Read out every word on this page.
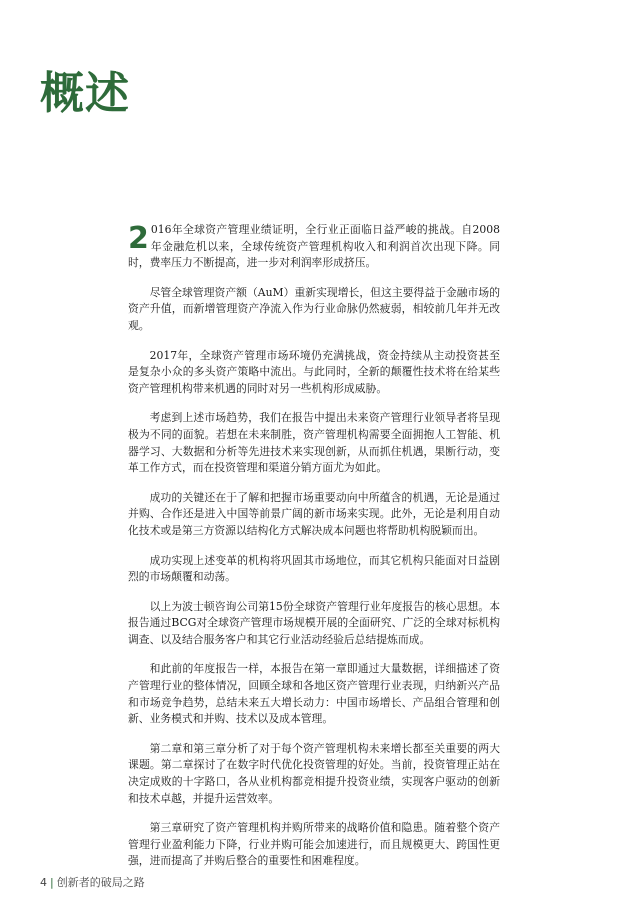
概述

2 016年全球资产管理业绩证明，全行业正面临日益严峻的挑战。自2008年金融危机以来，全球传统资产管理机构收入和利润首次出现下降。同时，费率压力不断提高，进一步对利润率形成挤压。

尽管全球管理资产额（AuM）重新实现增长，但这主要得益于金融市场的资产升值，而新增管理资产净流入作为行业命脉仍然疲弱，相较前几年并无改观。

2017年，全球资产管理市场环境仍充满挑战，资金持续从主动投资甚至是复杂小众的多头资产策略中流出。与此同时，全新的颠覆性技术将在给某些资产管理机构带来机遇的同时对另一些机构形成威胁。

考虑到上述市场趋势，我们在报告中提出未来资产管理行业领导者将呈现极为不同的面貌。若想在未来制胜，资产管理机构需要全面拥抱人工智能、机器学习、大数据和分析等先进技术来实现创新，从而抓住机遇，果断行动，变革工作方式，而在投资管理和渠道分销方面尤为如此。

成功的关键还在于了解和把握市场重要动向中所蕴含的机遇，无论是通过并购、合作还是进入中国等前景广阔的新市场来实现。此外，无论是利用自动化技术或是第三方资源以结构化方式解决成本问题也将帮助机构脱颖而出。

成功实现上述变革的机构将巩固其市场地位，而其它机构只能面对日益剧烈的市场颠覆和动荡。

以上为波士顿咨询公司第15份全球资产管理行业年度报告的核心思想。本报告通过BCG对全球资产管理市场规模开展的全面研究、广泛的全球对标机构调查、以及结合服务客户和其它行业活动经验后总结提炼而成。

和此前的年度报告一样，本报告在第一章即通过大量数据，详细描述了资产管理行业的整体情况，回顾全球和各地区资产管理行业表现，归纳新兴产品和市场竞争趋势，总结未来五大增长动力：中国市场增长、产品组合管理和创新、业务模式和并购、技术以及成本管理。

第二章和第三章分析了对于每个资产管理机构未来增长都至关重要的两大课题。第二章探讨了在数字时代优化投资管理的好处。当前，投资管理正站在决定成败的十字路口，各从业机构都竞相提升投资业绩，实现客户驱动的创新和技术卓越，并提升运营效率。

第三章研究了资产管理机构并购所带来的战略价值和隐患。随着整个资产管理行业盈利能力下降，行业并购可能会加速进行，而且规模更大、跨国性更强，进而提高了并购后整合的重要性和困难程度。

4 | 创新者的破局之路
